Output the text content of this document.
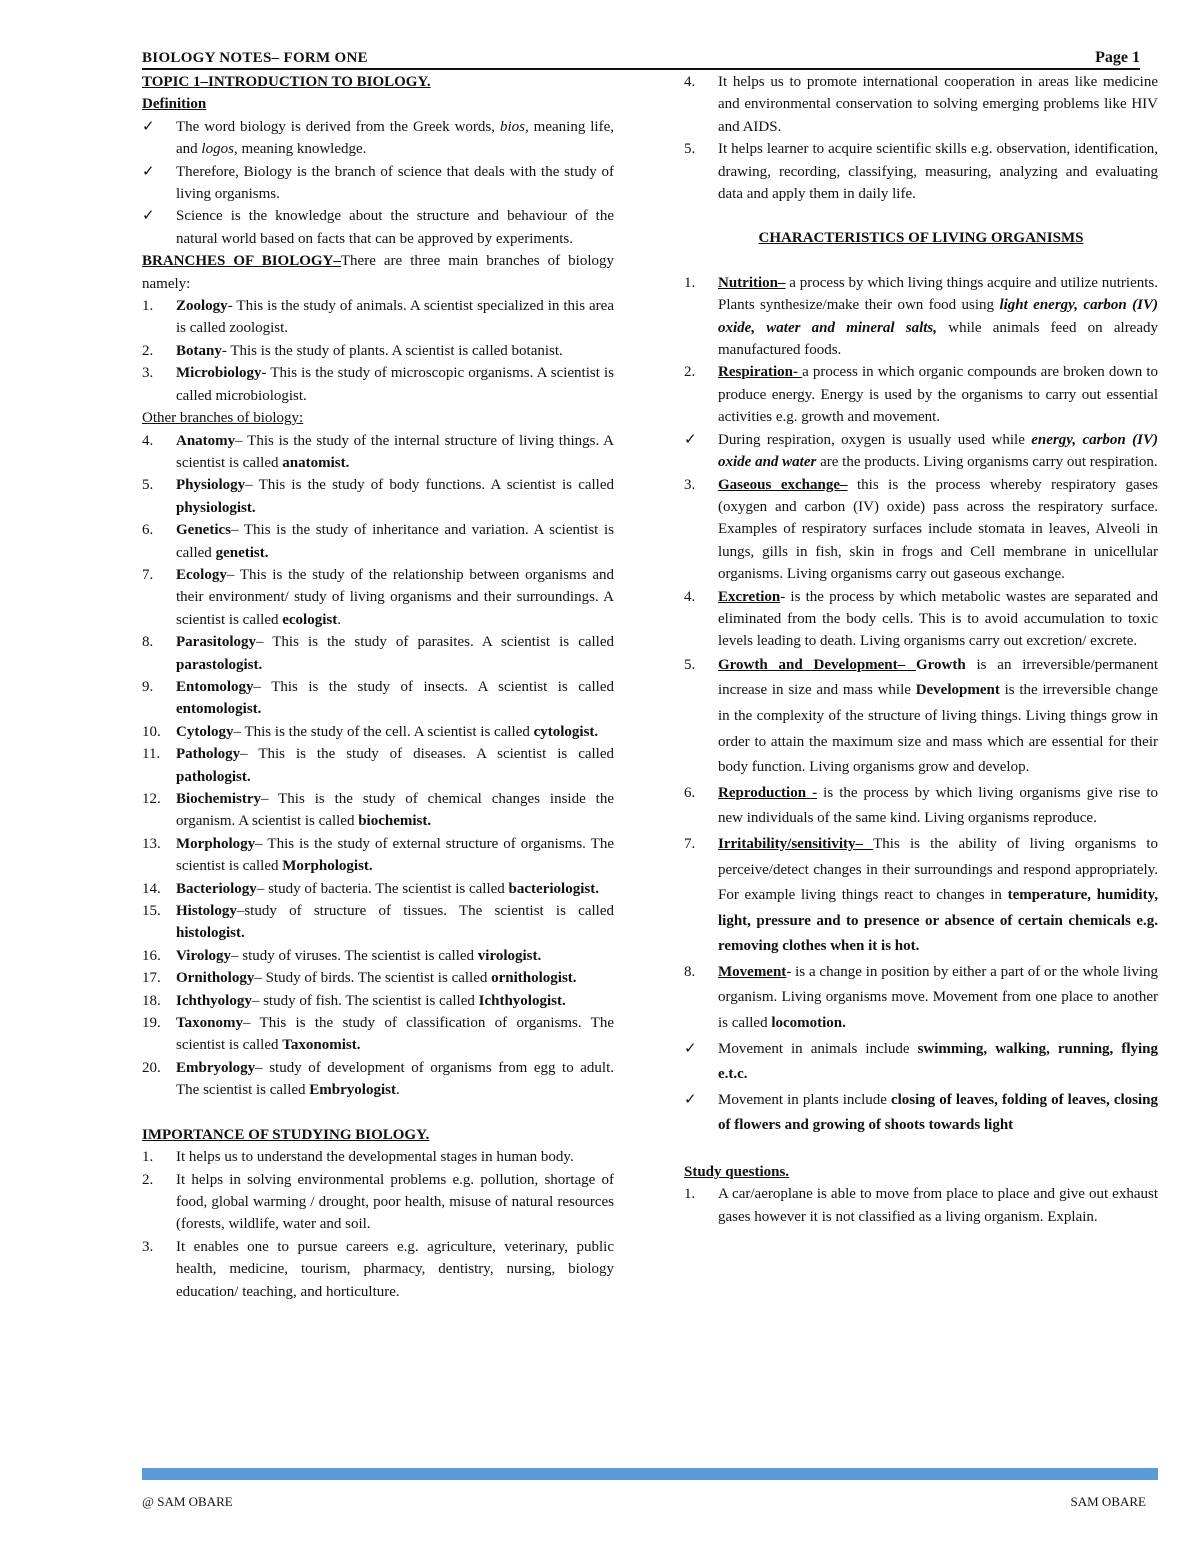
BIOLOGY NOTES– FORM ONE	Page 1
TOPIC 1–INTRODUCTION TO BIOLOGY.
Definition
✓ The word biology is derived from the Greek words, bios, meaning life, and logos, meaning knowledge.
✓ Therefore, Biology is the branch of science that deals with the study of living organisms.
✓ Science is the knowledge about the structure and behaviour of the natural world based on facts that can be approved by experiments.
BRANCHES OF BIOLOGY–There are three main branches of biology namely:
1. Zoology- This is the study of animals. A scientist specialized in this area is called zoologist.
2. Botany- This is the study of plants. A scientist is called botanist.
3. Microbiology- This is the study of microscopic organisms. A scientist is called microbiologist.
Other branches of biology:
4. Anatomy– This is the study of the internal structure of living things. A scientist is called anatomist.
5. Physiology– This is the study of body functions. A scientist is called physiologist.
6. Genetics– This is the study of inheritance and variation. A scientist is called genetist.
7. Ecology– This is the study of the relationship between organisms and their environment/ study of living organisms and their surroundings. A scientist is called ecologist.
8. Parasitology– This is the study of parasites. A scientist is called parastologist.
9. Entomology– This is the study of insects. A scientist is called entomologist.
10. Cytology– This is the study of the cell. A scientist is called cytologist.
11. Pathology– This is the study of diseases. A scientist is called pathologist.
12. Biochemistry– This is the study of chemical changes inside the organism. A scientist is called biochemist.
13. Morphology– This is the study of external structure of organisms. The scientist is called Morphologist.
14. Bacteriology– study of bacteria. The scientist is called bacteriologist.
15. Histology–study of structure of tissues. The scientist is called histologist.
16. Virology– study of viruses. The scientist is called virologist.
17. Ornithology– Study of birds. The scientist is called ornithologist.
18. Ichthyology– study of fish. The scientist is called Ichthyologist.
19. Taxonomy– This is the study of classification of organisms. The scientist is called Taxonomist.
20. Embryology– study of development of organisms from egg to adult. The scientist is called Embryologist.
IMPORTANCE OF STUDYING BIOLOGY.
1. It helps us to understand the developmental stages in human body.
2. It helps in solving environmental problems e.g. pollution, shortage of food, global warming / drought, poor health, misuse of natural resources (forests, wildlife, water and soil.
3. It enables one to pursue careers e.g. agriculture, veterinary, public health, medicine, tourism, pharmacy, dentistry, nursing, biology education/ teaching, and horticulture.
4. It helps us to promote international cooperation in areas like medicine and environmental conservation to solving emerging problems like HIV and AIDS.
5. It helps learner to acquire scientific skills e.g. observation, identification, drawing, recording, classifying, measuring, analyzing and evaluating data and apply them in daily life.
CHARACTERISTICS OF LIVING ORGANISMS
1. Nutrition– a process by which living things acquire and utilize nutrients. Plants synthesize/make their own food using light energy, carbon (IV) oxide, water and mineral salts, while animals feed on already manufactured foods.
2. Respiration- a process in which organic compounds are broken down to produce energy. Energy is used by the organisms to carry out essential activities e.g. growth and movement.
✓ During respiration, oxygen is usually used while energy, carbon (IV) oxide and water are the products. Living organisms carry out respiration.
3. Gaseous exchange– this is the process whereby respiratory gases (oxygen and carbon (IV) oxide) pass across the respiratory surface. Examples of respiratory surfaces include stomata in leaves, Alveoli in lungs, gills in fish, skin in frogs and Cell membrane in unicellular organisms. Living organisms carry out gaseous exchange.
4. Excretion- is the process by which metabolic wastes are separated and eliminated from the body cells. This is to avoid accumulation to toxic levels leading to death. Living organisms carry out excretion/ excrete.
5. Growth and Development– Growth is an irreversible/permanent increase in size and mass while Development is the irreversible change in the complexity of the structure of living things. Living things grow in order to attain the maximum size and mass which are essential for their body function. Living organisms grow and develop.
6. Reproduction - is the process by which living organisms give rise to new individuals of the same kind. Living organisms reproduce.
7. Irritability/sensitivity– This is the ability of living organisms to perceive/detect changes in their surroundings and respond appropriately. For example living things react to changes in temperature, humidity, light, pressure and to presence or absence of certain chemicals e.g. removing clothes when it is hot.
8. Movement- is a change in position by either a part of or the whole living organism. Living organisms move. Movement from one place to another is called locomotion.
✓ Movement in animals include swimming, walking, running, flying e.t.c.
✓ Movement in plants include closing of leaves, folding of leaves, closing of flowers and growing of shoots towards light
Study questions.
1. A car/aeroplane is able to move from place to place and give out exhaust gases however it is not classified as a living organism. Explain.
@ SAM OBARE	SAM OBARE
